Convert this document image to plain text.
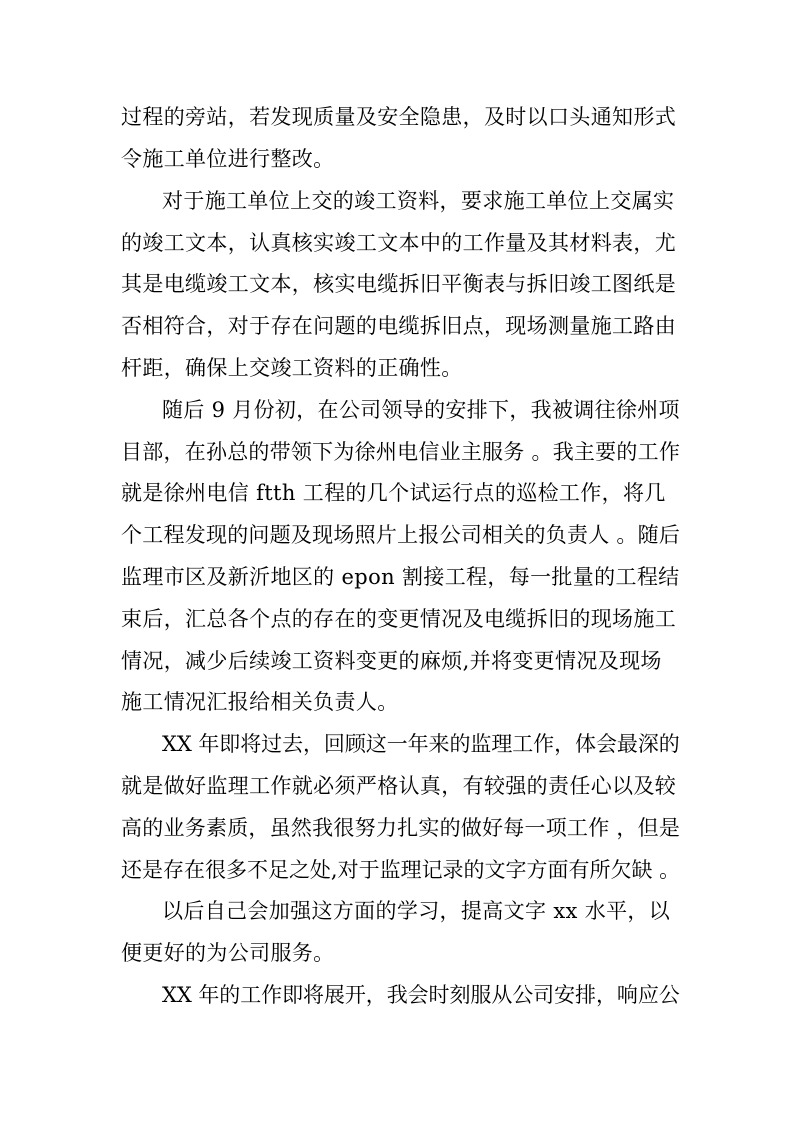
过程的旁站，若发现质量及安全隐患，及时以口头通知形式
令施工单位进行整改。
对于施工单位上交的竣工资料，要求施工单位上交属实
的竣工文本，认真核实竣工文本中的工作量及其材料表，尤
其是电缆竣工文本，核实电缆拆旧平衡表与拆旧竣工图纸是
否相符合，对于存在问题的电缆拆旧点，现场测量施工路由
杆距，确保上交竣工资料的正确性。
随后 9 月份初，在公司领导的安排下，我被调往徐州项
目部，在孙总的带领下为徐州电信业主服务 。我主要的工作
就是徐州电信 ftth 工程的几个试运行点的巡检工作，将几
个工程发现的问题及现场照片上报公司相关的负责人 。随后
监理市区及新沂地区的 epon 割接工程，每一批量的工程结
束后，汇总各个点的存在的变更情况及电缆拆旧的现场施工
情况，减少后续竣工资料变更的麻烦,并将变更情况及现场
施工情况汇报给相关负责人。
XX 年即将过去，回顾这一年来的监理工作，体会最深的
就是做好监理工作就必须严格认真，有较强的责任心以及较
高的业务素质，虽然我很努力扎实的做好每一项工作 ，但是
还是存在很多不足之处,对于监理记录的文字方面有所欠缺 。
以后自己会加强这方面的学习，提高文字 xx 水平，以
便更好的为公司服务。
XX 年的工作即将展开，我会时刻服从公司安排，响应公
